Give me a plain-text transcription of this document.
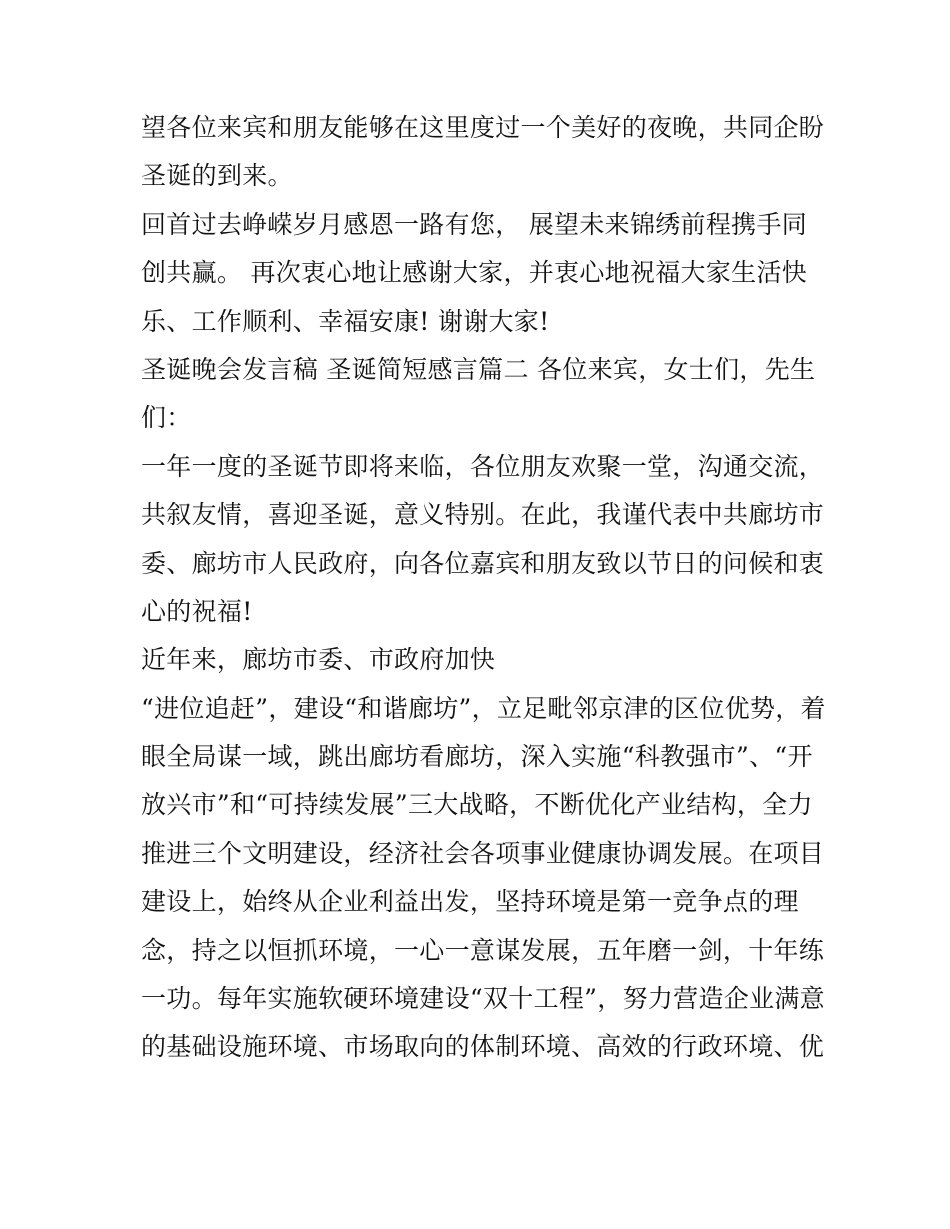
望各位来宾和朋友能够在这里度过一个美好的夜晚，共同企盼
圣诞的到来。
回首过去峥嵘岁月感恩一路有您， 展望未来锦绣前程携手同
创共赢。 再次衷心地让感谢大家，并衷心地祝福大家生活快
乐、工作顺利、幸福安康! 谢谢大家!
圣诞晚会发言稿 圣诞简短感言篇二 各位来宾，女士们，先生
们：
一年一度的圣诞节即将来临，各位朋友欢聚一堂，沟通交流，
共叙友情，喜迎圣诞，意义特别。在此，我谨代表中共廊坊市
委、廊坊市人民政府，向各位嘉宾和朋友致以节日的问候和衷
心的祝福!
近年来，廊坊市委、市政府加快
“进位追赶”，建设“和谐廊坊”，立足毗邻京津的区位优势，着
眼全局谋一域，跳出廊坊看廊坊，深入实施“科教强市”、“开
放兴市”和“可持续发展”三大战略，不断优化产业结构，全力
推进三个文明建设，经济社会各项事业健康协调发展。在项目
建设上，始终从企业利益出发，坚持环境是第一竞争点的理
念，持之以恒抓环境，一心一意谋发展，五年磨一剑，十年练
一功。每年实施软硬环境建设“双十工程”，努力营造企业满意
的基础设施环境、市场取向的体制环境、高效的行政环境、优
